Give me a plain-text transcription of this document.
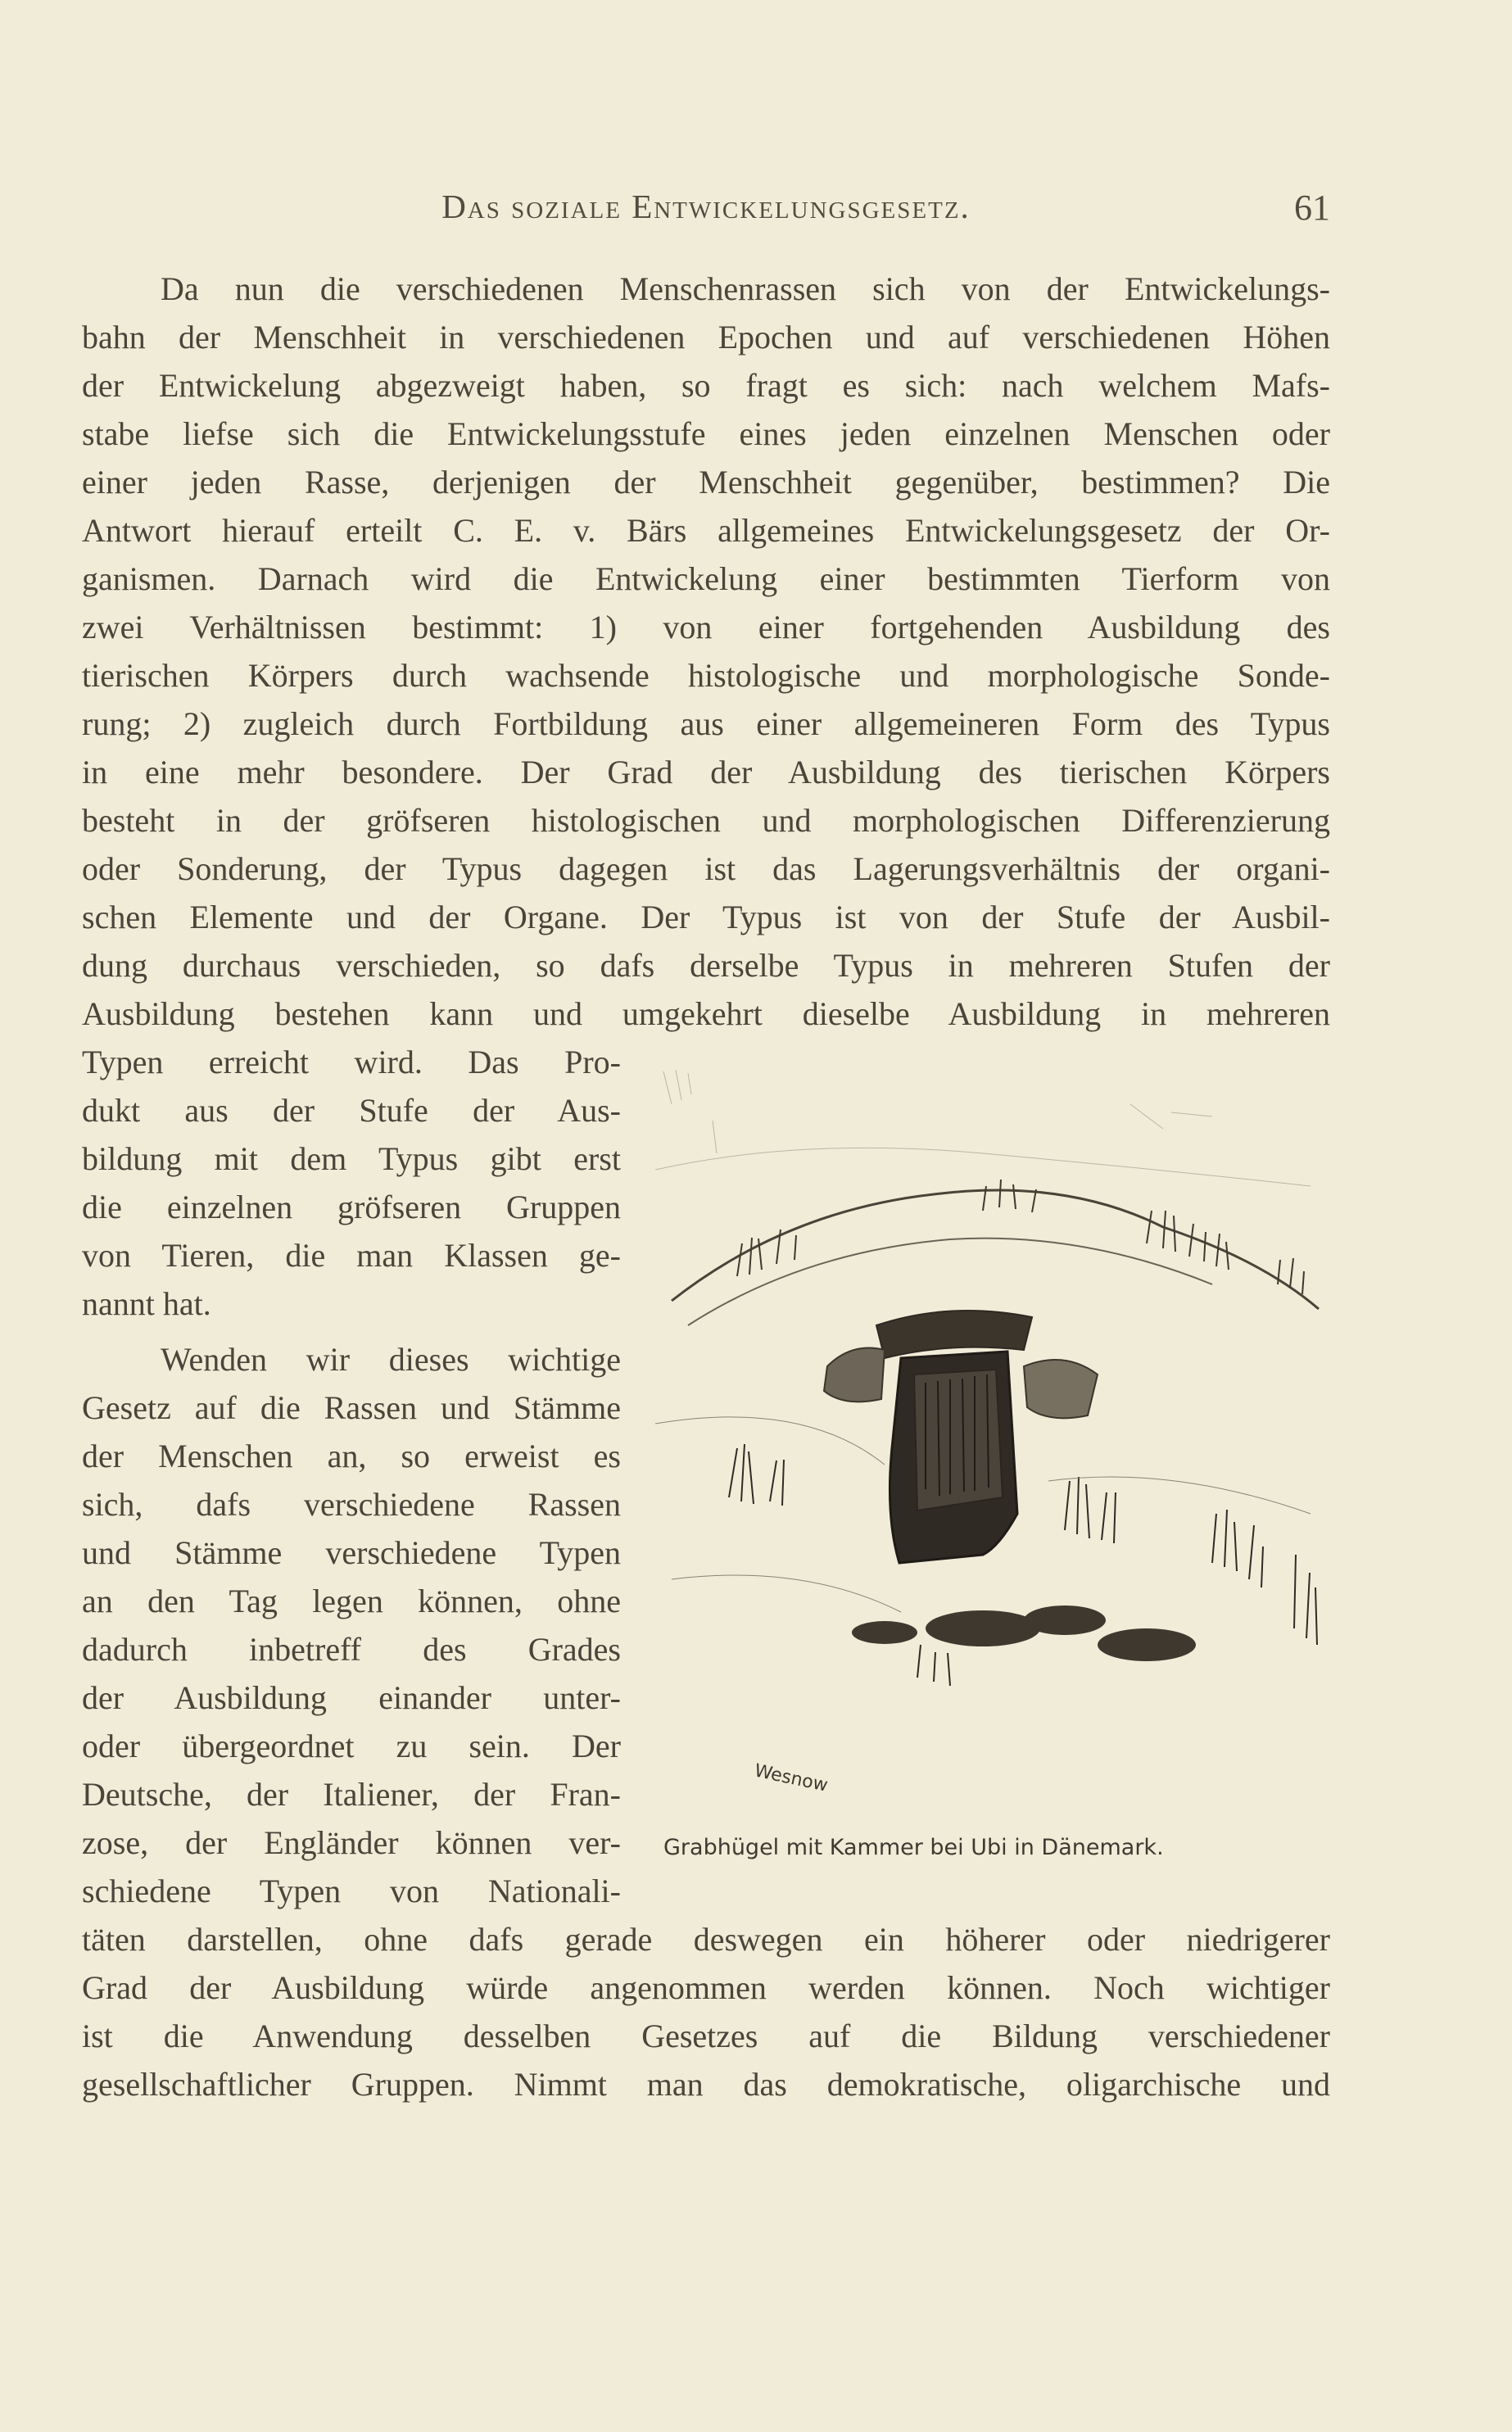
Das soziale Entwickelungsgesetz.	61
Da nun die verschiedenen Menschenrassen sich von der Entwickelungs-
bahn der Menschheit in verschiedenen Epochen und auf verschiedenen Höhen
der Entwickelung abgezweigt haben, so fragt es sich: nach welchem Mafs-
stabe liefse sich die Entwickelungsstufe eines jeden einzelnen Menschen oder
einer jeden Rasse, derjenigen der Menschheit gegenüber, bestimmen? Die
Antwort hierauf erteilt C. E. v. Bärs allgemeines Entwickelungsgesetz der Or-
ganismen. Darnach wird die Entwickelung einer bestimmten Tierform von
zwei Verhältnissen bestimmt: 1) von einer fortgehenden Ausbildung des
tierischen Körpers durch wachsende histologische und morphologische Sonde-
rung; 2) zugleich durch Fortbildung aus einer allgemeineren Form des Typus
in eine mehr besondere. Der Grad der Ausbildung des tierischen Körpers
besteht in der gröfseren histologischen und morphologischen Differenzierung
oder Sonderung, der Typus dagegen ist das Lagerungsverhältnis der organi-
schen Elemente und der Organe. Der Typus ist von der Stufe der Ausbil-
dung durchaus verschieden, so dafs derselbe Typus in mehreren Stufen der
Ausbildung bestehen kann und umgekehrt dieselbe Ausbildung in mehreren
Typen erreicht wird. Das Pro-
dukt aus der Stufe der Aus-
bildung mit dem Typus gibt erst
die einzelnen gröfseren Gruppen
von Tieren, die man Klassen ge-
nannt hat.
Wenden wir dieses wichtige
Gesetz auf die Rassen und Stämme
der Menschen an, so erweist es
sich, dafs verschiedene Rassen
und Stämme verschiedene Typen
an den Tag legen können, ohne
dadurch inbetreff des Grades
der Ausbildung einander unter-
oder übergeordnet zu sein. Der
Deutsche, der Italiener, der Fran-
zose, der Engländer können ver-
schiedene Typen von Nationali-
täten darstellen, ohne dafs gerade deswegen ein höherer oder niedrigerer
Grad der Ausbildung würde angenommen werden können. Noch wichtiger
ist die Anwendung desselben Gesetzes auf die Bildung verschiedener
gesellschaftlicher Gruppen. Nimmt man das demokratische, oligarchische und
Wesnow
Grabhügel mit Kammer bei Ubi in Dänemark.
